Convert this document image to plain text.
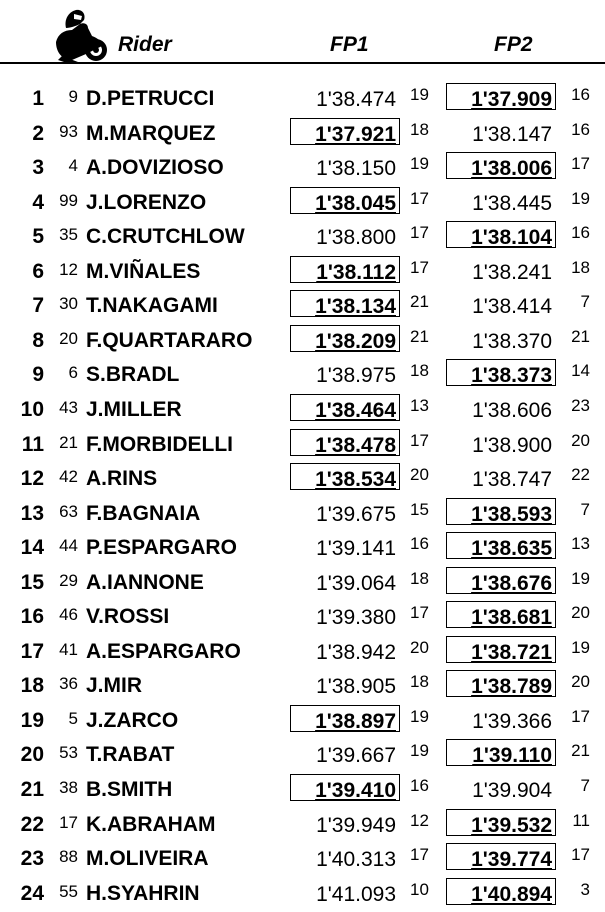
Rider	FP1	FP2
1	9 D.PETRUCCI	1'38.474 19	1'37.909	16
2 93 M.MARQUEZ	1'37.921 18	1'38.147	16
3	4 A.DOVIZIOSO	1'38.150 19	1'38.006	17
4 99 J.LORENZO	1'38.045 17	1'38.445	19
5 35 C.CRUTCHLOW	1'38.800 17	1'38.104	16
6 12 M.VIÑALES	1'38.112 17	1'38.241	18
7 30 T.NAKAGAMI	1'38.134 21	1'38.414	7
8 20 F.QUARTARARO	1'38.209 21	1'38.370	21
9	6 S.BRADL	1'38.975 18	1'38.373	14
10 43 J.MILLER	1'38.464 13	1'38.606	23
11 21 F.MORBIDELLI	1'38.478 17	1'38.900	20
12 42 A.RINS	1'38.534 20	1'38.747	22
13 63 F.BAGNAIA	1'39.675 15	1'38.593	7
14 44 P.ESPARGARO	1'39.141 16	1'38.635	13
15 29 A.IANNONE	1'39.064 18	1'38.676	19
16 46 V.ROSSI	1'39.380 17	1'38.681	20
17 41 A.ESPARGARO	1'38.942 20	1'38.721	19
18 36 J.MIR	1'38.905 18	1'38.789	20
19	5 J.ZARCO	1'38.897 19	1'39.366	17
20 53 T.RABAT	1'39.667 19	1'39.110	21
21 38 B.SMITH	1'39.410 16	1'39.904	7
22 17 K.ABRAHAM	1'39.949 12	1'39.532	11
23 88 M.OLIVEIRA	1'40.313 17	1'39.774	17
24 55 H.SYAHRIN	1'41.093 10	1'40.894	3
